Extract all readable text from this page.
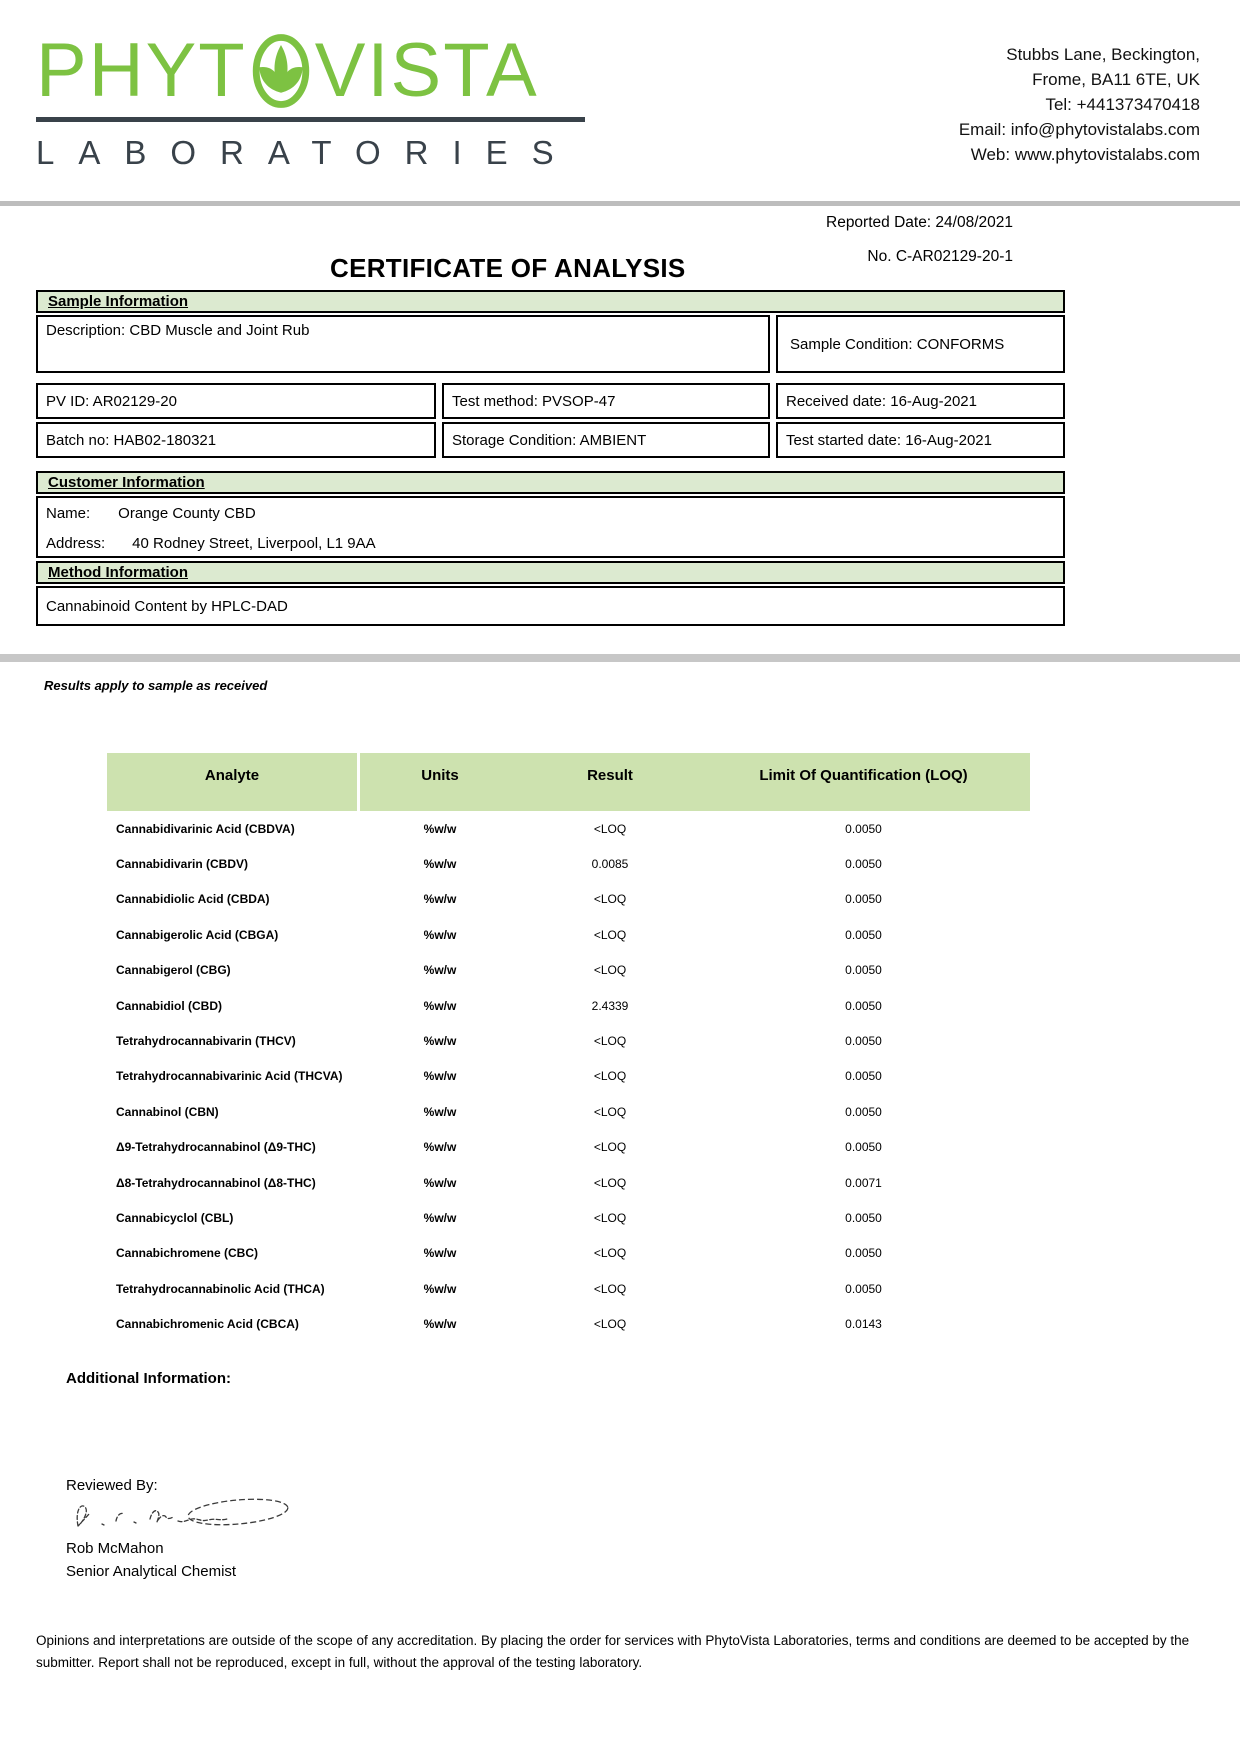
PHYT VISTA
LABORATORIES
Stubbs Lane, Beckington,
Frome, BA11 6TE, UK
Tel: +441373470418
Email: info@phytovistalabs.com
Web: www.phytovistalabs.com
Reported Date: 24/08/2021
CERTIFICATE OF ANALYSIS	No. C-AR02129-20-1
Sample Information
Description: CBD Muscle and Joint Rub
Sample Condition: CONFORMS
PV ID: AR02129-20	Test method: PVSOP-47	Received date: 16-Aug-2021
Batch no: HAB02-180321	Storage Condition: AMBIENT	Test started date: 16-Aug-2021
Customer Information
Name: Orange County CBD
Address: 40 Rodney Street, Liverpool, L1 9AA
Method Information
Cannabinoid Content by HPLC-DAD
Results apply to sample as received
Analyte	Units	Result	Limit Of Quantification (LOQ)
Cannabidivarinic Acid (CBDVA)	%w/w	<LOQ	0.0050
Cannabidivarin (CBDV)	%w/w	0.0085	0.0050
Cannabidiolic Acid (CBDA)	%w/w	<LOQ	0.0050
Cannabigerolic Acid (CBGA)	%w/w	<LOQ	0.0050
Cannabigerol (CBG)	%w/w	<LOQ	0.0050
Cannabidiol (CBD)	%w/w	2.4339	0.0050
Tetrahydrocannabivarin (THCV)	%w/w	<LOQ	0.0050
Tetrahydrocannabivarinic Acid (THCVA)	%w/w	<LOQ	0.0050
Cannabinol (CBN)	%w/w	<LOQ	0.0050
Δ9-Tetrahydrocannabinol (Δ9-THC)	%w/w	<LOQ	0.0050
Δ8-Tetrahydrocannabinol (Δ8-THC)	%w/w	<LOQ	0.0071
Cannabicyclol (CBL)	%w/w	<LOQ	0.0050
Cannabichromene (CBC)	%w/w	<LOQ	0.0050
Tetrahydrocannabinolic Acid (THCA)	%w/w	<LOQ	0.0050
Cannabichromenic Acid (CBCA)	%w/w	<LOQ	0.0143
Additional Information:
Reviewed By:
Rob McMahon
Senior Analytical Chemist
Opinions and interpretations are outside of the scope of any accreditation. By placing the order for services with PhytoVista Laboratories, terms and conditions are deemed to be accepted by the submitter. Report shall not be reproduced, except in full, without the approval of the testing laboratory.
